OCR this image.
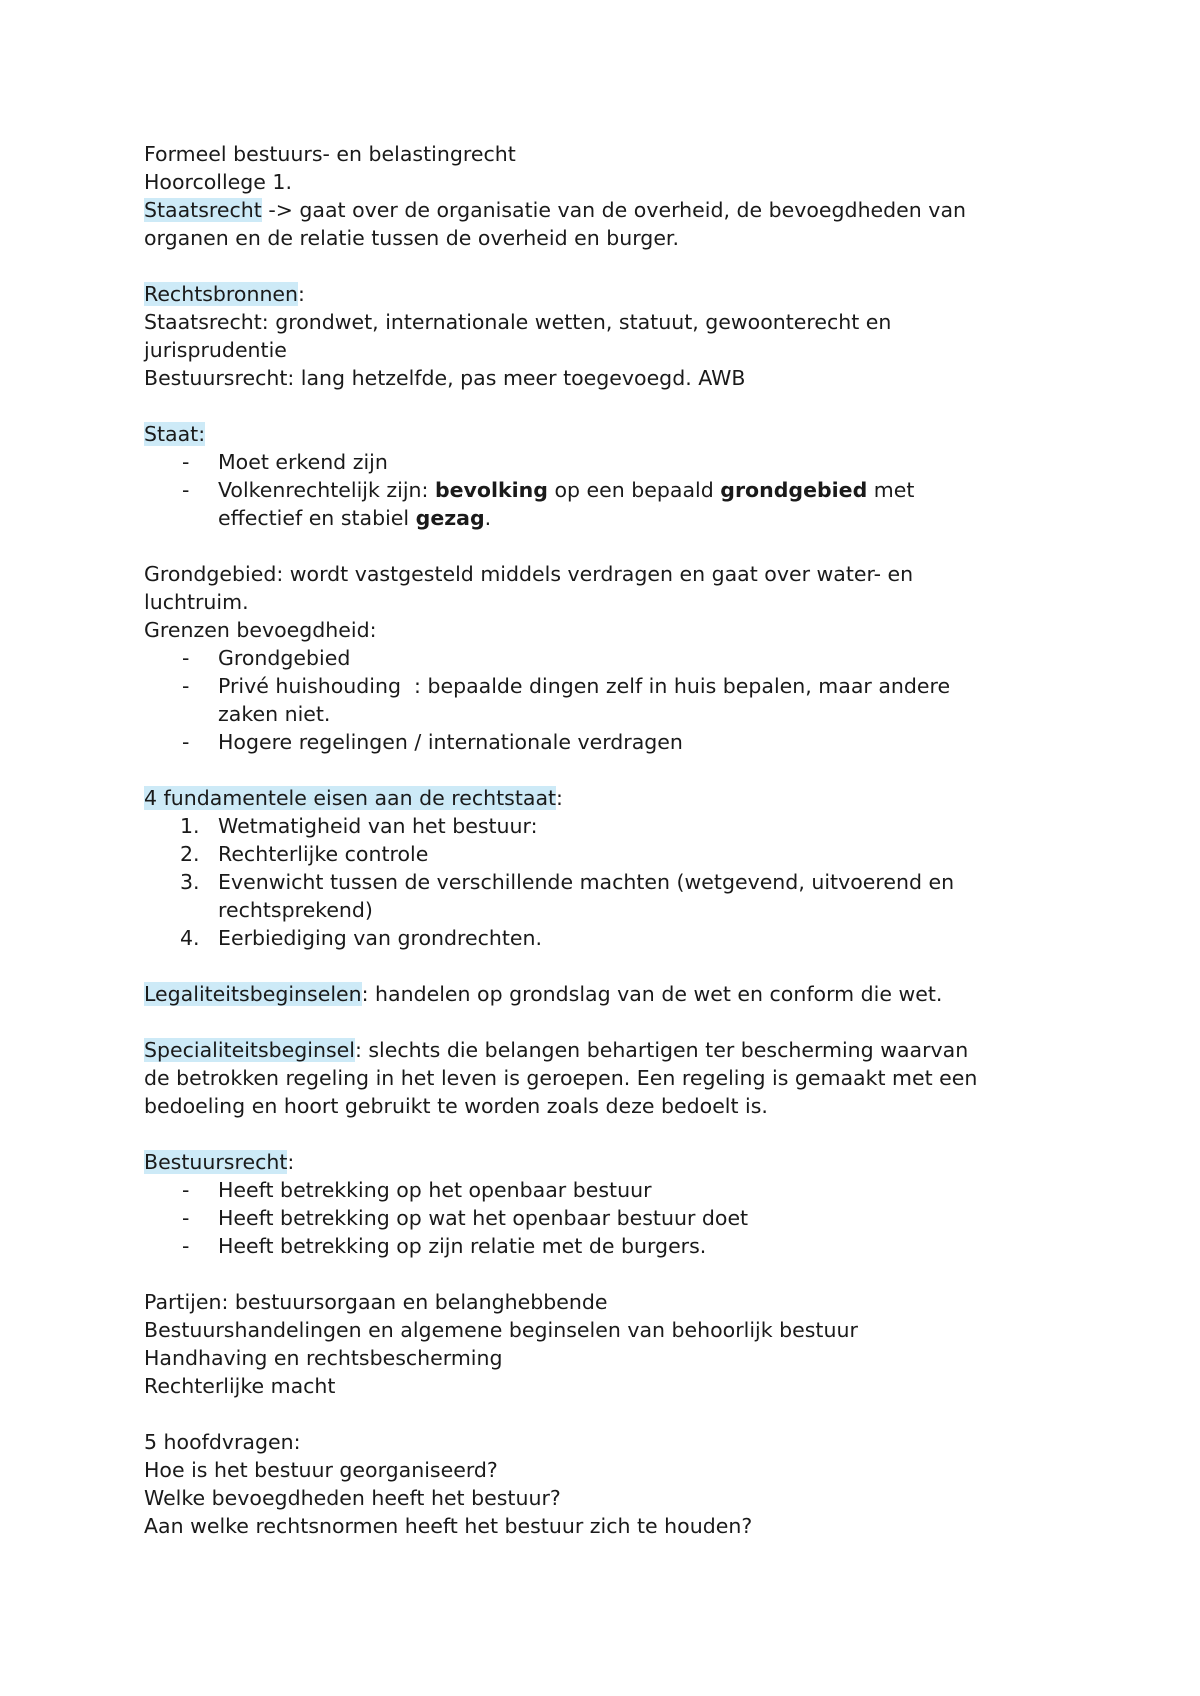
Formeel bestuurs- en belastingrecht
Hoorcollege 1.
Staatsrecht -> gaat over de organisatie van de overheid, de bevoegdheden van
organen en de relatie tussen de overheid en burger.
Rechtsbronnen:
Staatsrecht: grondwet, internationale wetten, statuut, gewoonterecht en
jurisprudentie
Bestuursrecht: lang hetzelfde, pas meer toegevoegd. AWB
Staat:
- Moet erkend zijn
- Volkenrechtelijk zijn: bevolking op een bepaald grondgebied met
effectief en stabiel gezag.
Grondgebied: wordt vastgesteld middels verdragen en gaat over water- en
luchtruim.
Grenzen bevoegdheid:
- Grondgebied
- Privé huishouding  : bepaalde dingen zelf in huis bepalen, maar andere
zaken niet.
- Hogere regelingen / internationale verdragen
4 fundamentele eisen aan de rechtstaat:
1. Wetmatigheid van het bestuur:
2. Rechterlijke controle
3. Evenwicht tussen de verschillende machten (wetgevend, uitvoerend en
rechtsprekend)
4. Eerbiediging van grondrechten.
Legaliteitsbeginselen: handelen op grondslag van de wet en conform die wet.
Specialiteitsbeginsel: slechts die belangen behartigen ter bescherming waarvan
de betrokken regeling in het leven is geroepen. Een regeling is gemaakt met een
bedoeling en hoort gebruikt te worden zoals deze bedoelt is.
Bestuursrecht:
- Heeft betrekking op het openbaar bestuur
- Heeft betrekking op wat het openbaar bestuur doet
- Heeft betrekking op zijn relatie met de burgers.
Partijen: bestuursorgaan en belanghebbende
Bestuurshandelingen en algemene beginselen van behoorlijk bestuur
Handhaving en rechtsbescherming
Rechterlijke macht
5 hoofdvragen:
Hoe is het bestuur georganiseerd?
Welke bevoegdheden heeft het bestuur?
Aan welke rechtsnormen heeft het bestuur zich te houden?
